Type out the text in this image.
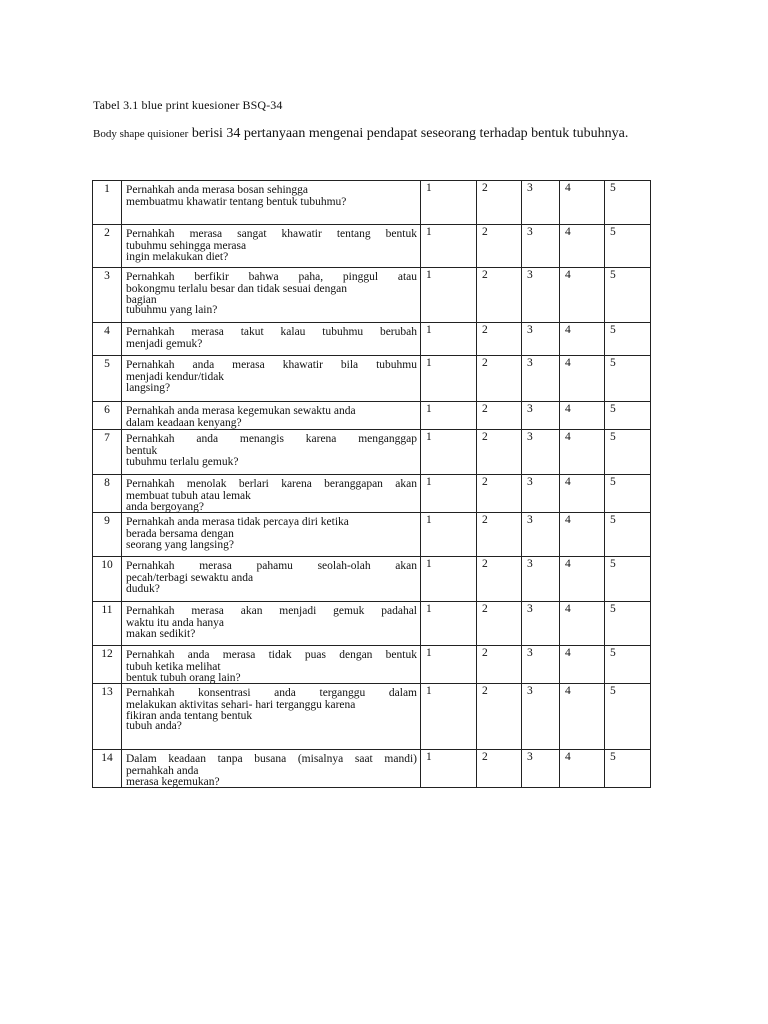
Tabel 3.1 blue print kuesioner BSQ-34
Body shape quisioner berisi 34 pertanyaan mengenai pendapat seseorang terhadap bentuk tubuhnya.
1	Pernahkah anda merasa bosan sehingga
membuatmu khawatir tentang bentuk tubuhmu?	1	2	3	4	5
2	Pernahkah merasa sangat khawatir tentang bentuk
tubuhmu sehingga merasa
ingin melakukan diet?	1	2	3	4	5
3	Pernahkah berfikir bahwa paha, pinggul atau
bokongmu terlalu besar dan tidak sesuai dengan
bagian
tubuhmu yang lain?	1	2	3	4	5
4	Pernahkah merasa takut kalau tubuhmu berubah
menjadi gemuk?	1	2	3	4	5
5	Pernahkah anda merasa khawatir bila tubuhmu
menjadi kendur/tidak
langsing?	1	2	3	4	5
6	Pernahkah anda merasa kegemukan sewaktu anda
dalam keadaan kenyang?	1	2	3	4	5
7	Pernahkah anda menangis karena menganggap
bentuk
tubuhmu terlalu gemuk?	1	2	3	4	5
8	Pernahkah menolak berlari karena beranggapan akan
membuat tubuh atau lemak
anda bergoyang?	1	2	3	4	5
9	Pernahkah anda merasa tidak percaya diri ketika
berada bersama dengan
seorang yang langsing?	1	2	3	4	5
10	Pernahkah merasa pahamu seolah-olah akan
pecah/terbagi sewaktu anda
duduk?	1	2	3	4	5
11	Pernahkah merasa akan menjadi gemuk padahal
waktu itu anda hanya
makan sedikit?	1	2	3	4	5
12	Pernahkah anda merasa tidak puas dengan bentuk
tubuh ketika melihat
bentuk tubuh orang lain?	1	2	3	4	5
13	Pernahkah konsentrasi anda terganggu dalam
melakukan aktivitas sehari- hari terganggu karena
fikiran anda tentang bentuk
tubuh anda?	1	2	3	4	5
14	Dalam keadaan tanpa busana (misalnya saat mandi)
pernahkah anda
merasa kegemukan?	1	2	3	4	5
